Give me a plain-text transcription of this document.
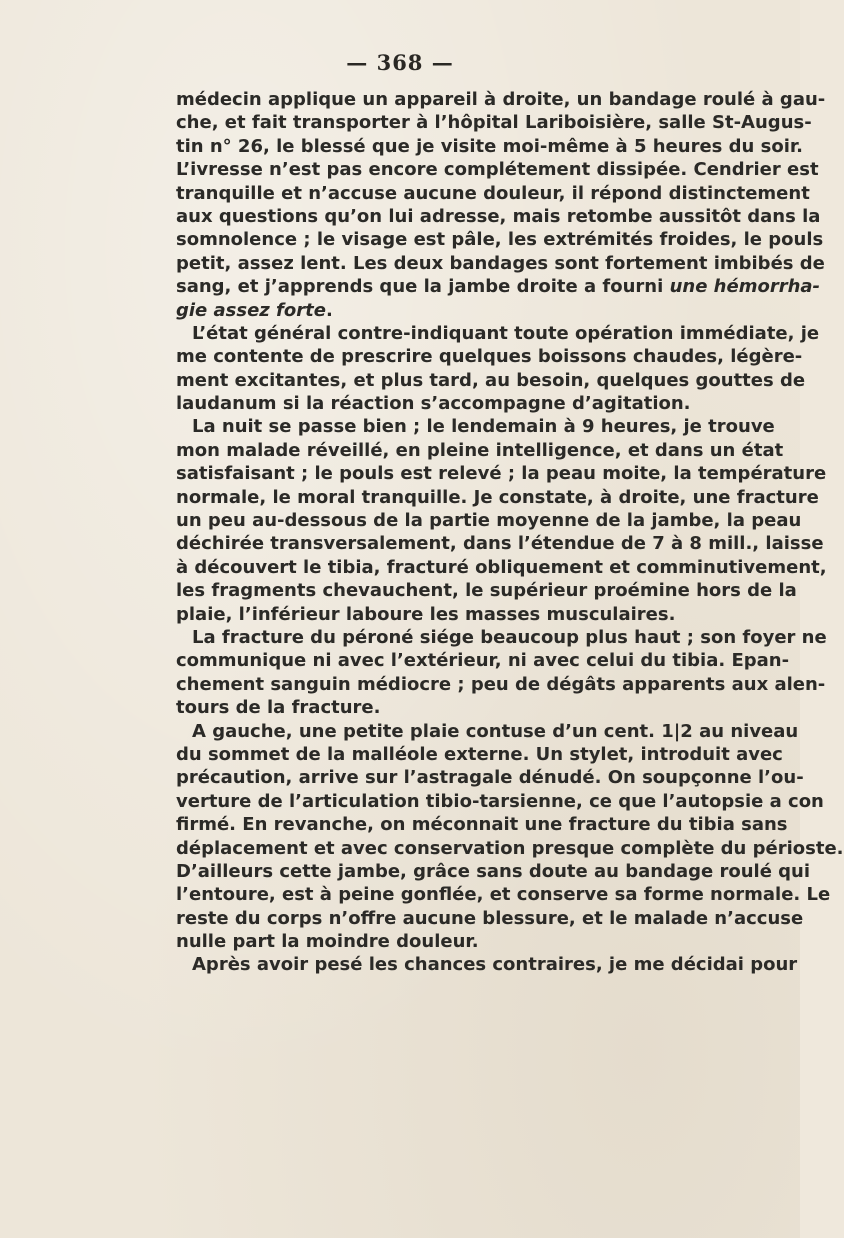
— 368 —
médecin applique un appareil à droite, un bandage roulé à gau-
che, et fait transporter à l’hôpital Lariboisière, salle St-Augus-
tin n° 26, le blessé que je visite moi-même à 5 heures du soir.
L’ivresse n’est pas encore complétement dissipée. Cendrier est
tranquille et n’accuse aucune douleur, il répond distinctement
aux questions qu’on lui adresse, mais retombe aussitôt dans la
somnolence ; le visage est pâle, les extrémités froides, le pouls
petit, assez lent. Les deux bandages sont fortement imbibés de
sang, et j’apprends que la jambe droite a fourni une hémorrha-
gie assez forte.
L’état général contre-indiquant toute opération immédiate, je
me contente de prescrire quelques boissons chaudes, légère-
ment excitantes, et plus tard, au besoin, quelques gouttes de
laudanum si la réaction s’accompagne d’agitation.
La nuit se passe bien ; le lendemain à 9 heures, je trouve
mon malade réveillé, en pleine intelligence, et dans un état
satisfaisant ; le pouls est relevé ; la peau moite, la température
normale, le moral tranquille. Je constate, à droite, une fracture
un peu au-dessous de la partie moyenne de la jambe, la peau
déchirée transversalement, dans l’étendue de 7 à 8 mill., laisse
à découvert le tibia, fracturé obliquement et comminutivement,
les fragments chevauchent, le supérieur proémine hors de la
plaie, l’inférieur laboure les masses musculaires.
La fracture du péroné siége beaucoup plus haut ; son foyer ne
communique ni avec l’extérieur, ni avec celui du tibia. Epan-
chement sanguin médiocre ; peu de dégâts apparents aux alen-
tours de la fracture.
A gauche, une petite plaie contuse d’un cent. 1|2 au niveau
du sommet de la malléole externe. Un stylet, introduit avec
précaution, arrive sur l’astragale dénudé. On soupçonne l’ou-
verture de l’articulation tibio-tarsienne, ce que l’autopsie a con
firmé. En revanche, on méconnait une fracture du tibia sans
déplacement et avec conservation presque complète du périoste.
D’ailleurs cette jambe, grâce sans doute au bandage roulé qui
l’entoure, est à peine gonflée, et conserve sa forme normale. Le
reste du corps n’offre aucune blessure, et le malade n’accuse
nulle part la moindre douleur.
Après avoir pesé les chances contraires, je me décidai pour
